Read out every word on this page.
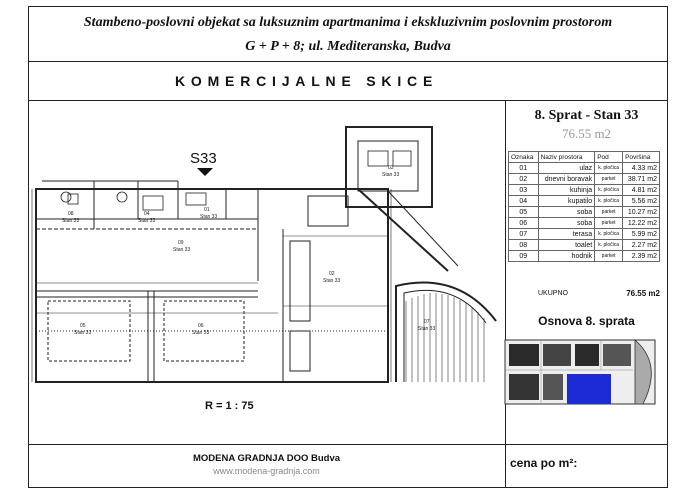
Stambeno-poslovni objekat sa luksuznim apartmanima i ekskluzivnim poslovnim prostorom
G + P + 8; ul. Mediteranska, Budva
KOMERCIJALNE SKICE
09
Stan 33
02
Stan 33
05
Stan 33
06
Stan 33
07
Stan 33
03
Stan 33
01
Stan 33
08
Stan 33
04
Stan 33
S33
R = 1 : 75
8. Sprat - Stan 33
76.55 m2
Oznaka	Naziv prostora	Pod	Površina
01	ulaz	k. pločica	4.33 m2
02	dnevni boravak	parket	38.71 m2
03	kuhinja	k. pločica	4.81 m2
04	kupatilo	k. pločica	5.56 m2
05	soba	parket	10.27 m2
06	soba	parket	12.22 m2
07	terasa	k. pločica	5.99 m2
08	toalet	k. pločica	2.27 m2
09	hodnik	parket	2.39 m2
UKUPNO	76.55 m2
Osnova 8. sprata
MODENA GRADNJA DOO Budva
www.modena-gradnja.com
cena po m²:
